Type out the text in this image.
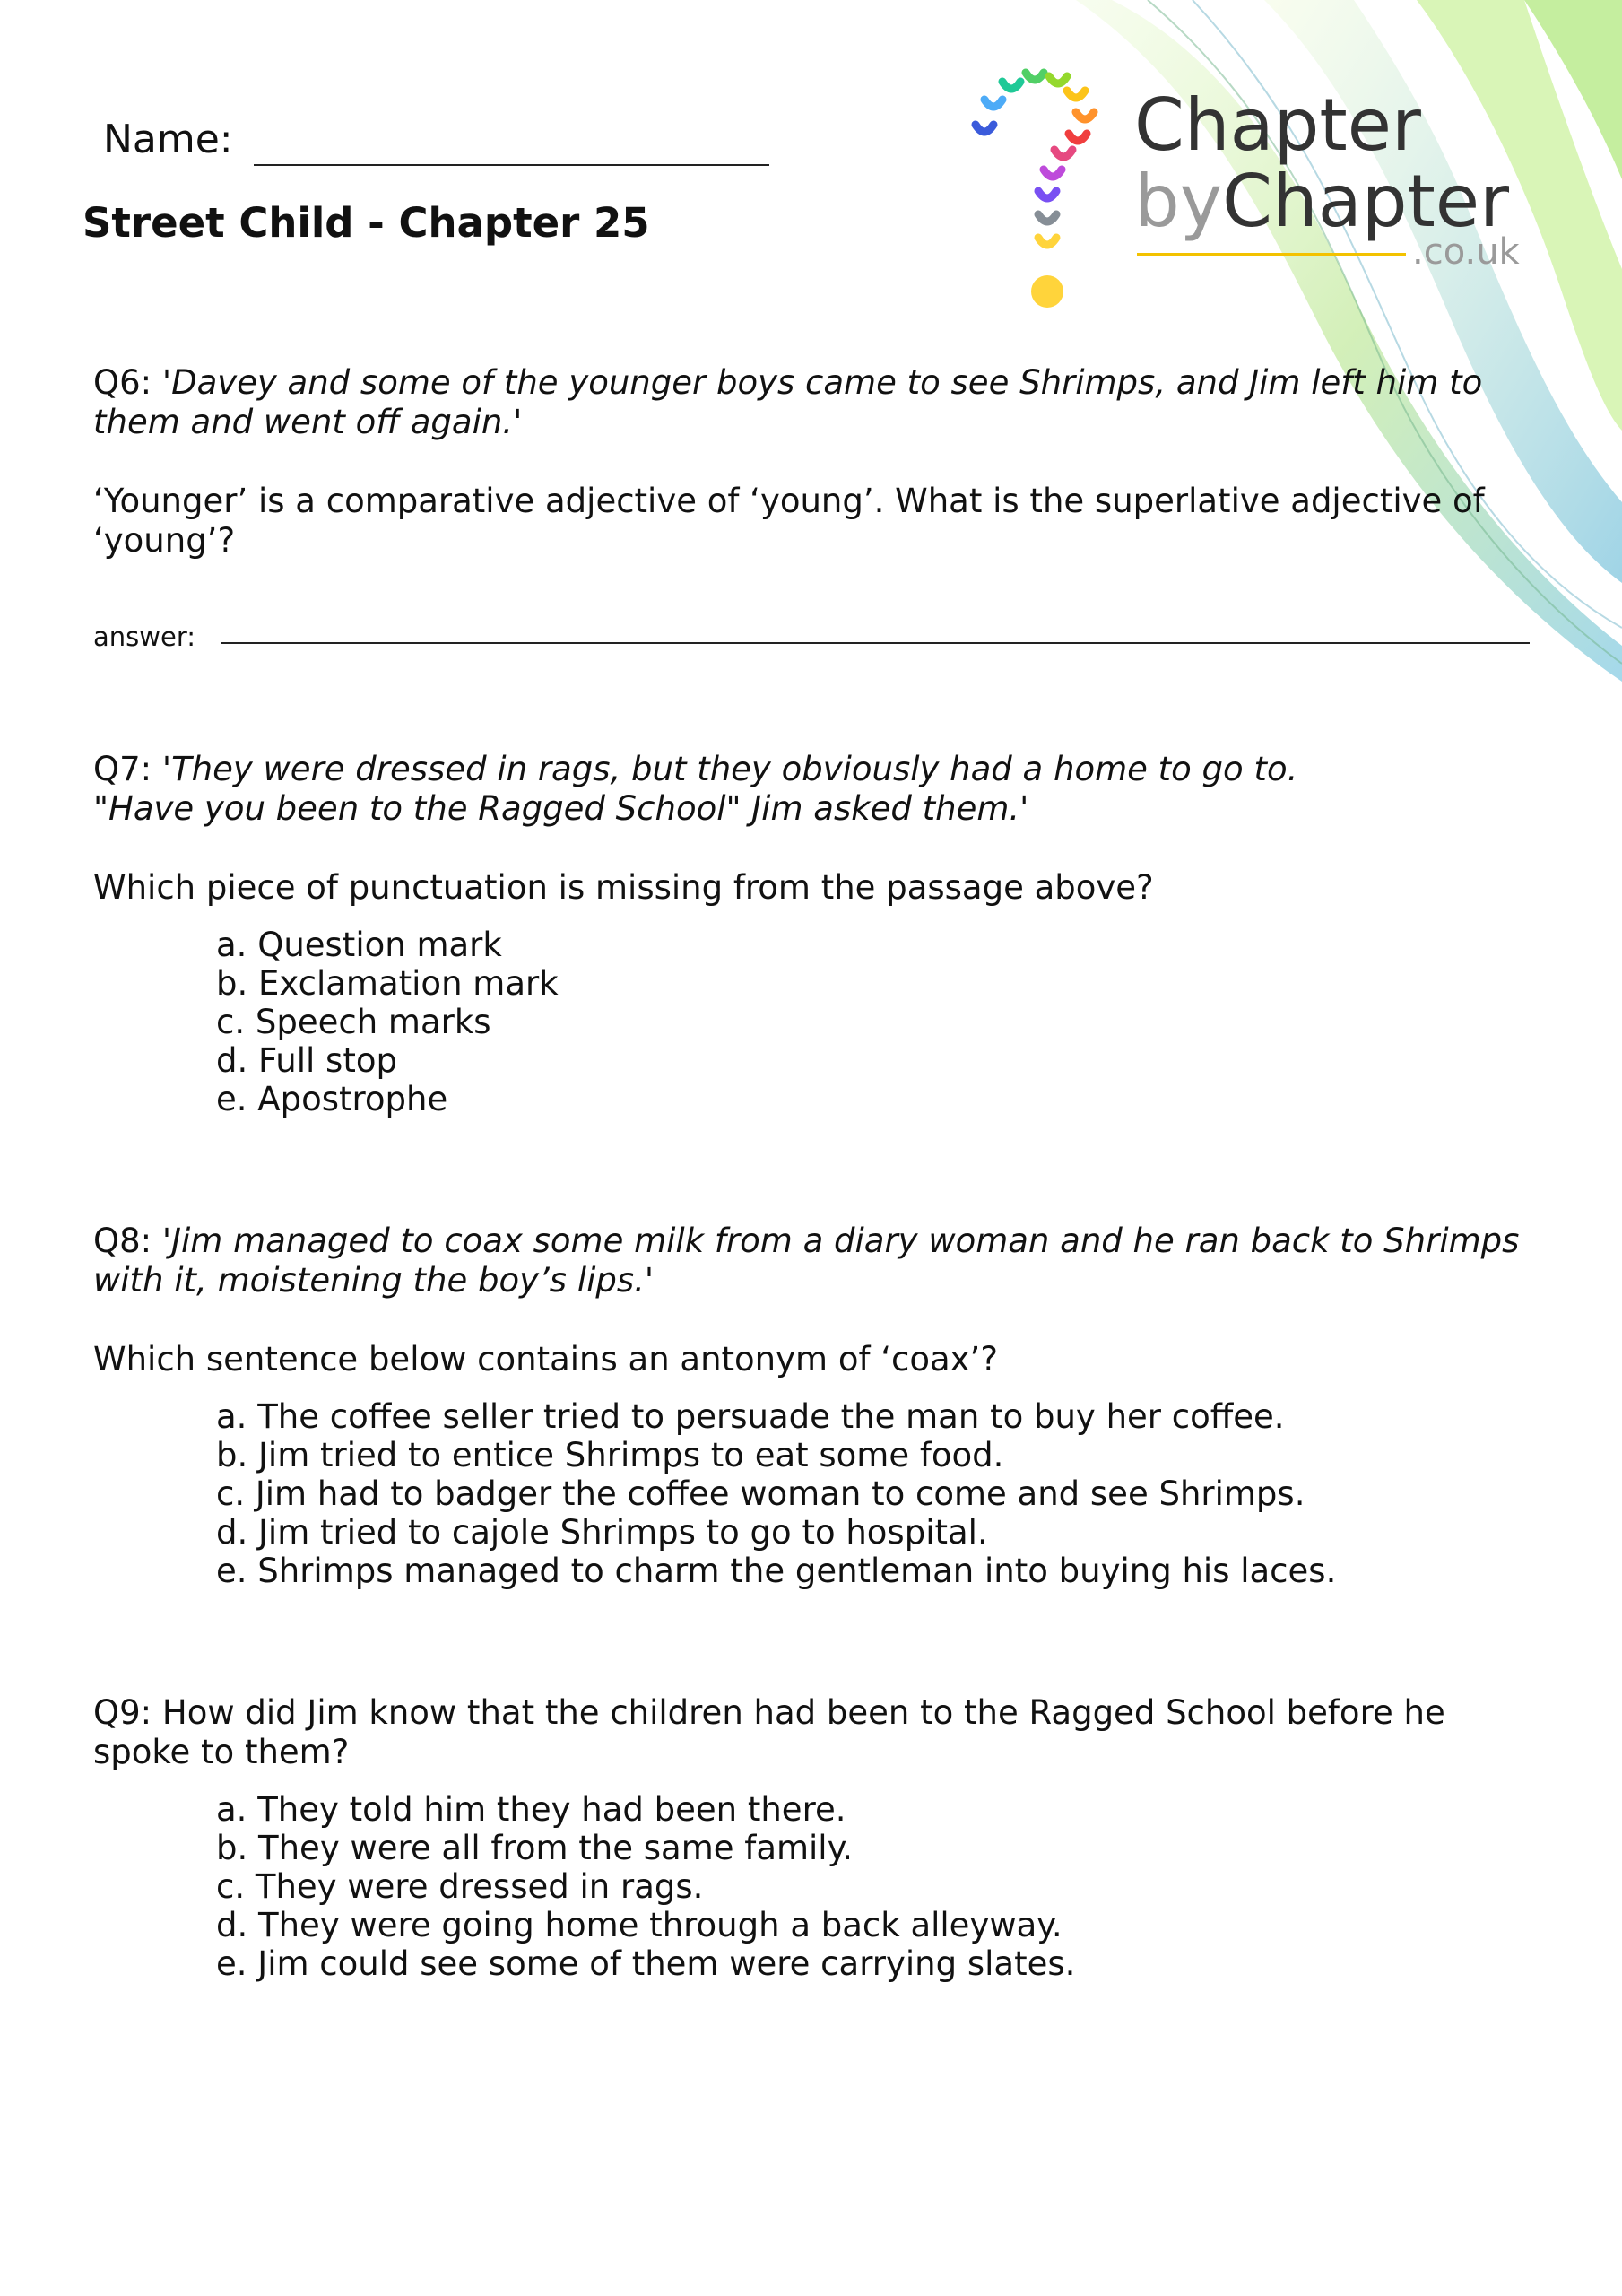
Name:
Street Child - Chapter 25
Chapter
byChapter
.co.uk

Q6: 'Davey and some of the younger boys came to see Shrimps, and Jim left him to them and went off again.'

‘Younger’ is a comparative adjective of ‘young’. What is the superlative adjective of ‘young’?

answer:

Q7: 'They were dressed in rags, but they obviously had a home to go to.

"Have you been to the Ragged School" Jim asked them.'

Which piece of punctuation is missing from the passage above?

a. Question mark
b. Exclamation mark
c. Speech marks
d. Full stop
e. Apostrophe

Q8: 'Jim managed to coax some milk from a diary woman and he ran back to Shrimps with it, moistening the boy’s lips.'

Which sentence below contains an antonym of ‘coax’?

a. The coffee seller tried to persuade the man to buy her coffee.
b. Jim tried to entice Shrimps to eat some food.
c. Jim had to badger the coffee woman to come and see Shrimps.
d. Jim tried to cajole Shrimps to go to hospital.
e. Shrimps managed to charm the gentleman into buying his laces.

Q9: How did Jim know that the children had been to the Ragged School before he spoke to them?

a. They told him they had been there.
b. They were all from the same family.
c. They were dressed in rags.
d. They were going home through a back alleyway.
e. Jim could see some of them were carrying slates.
